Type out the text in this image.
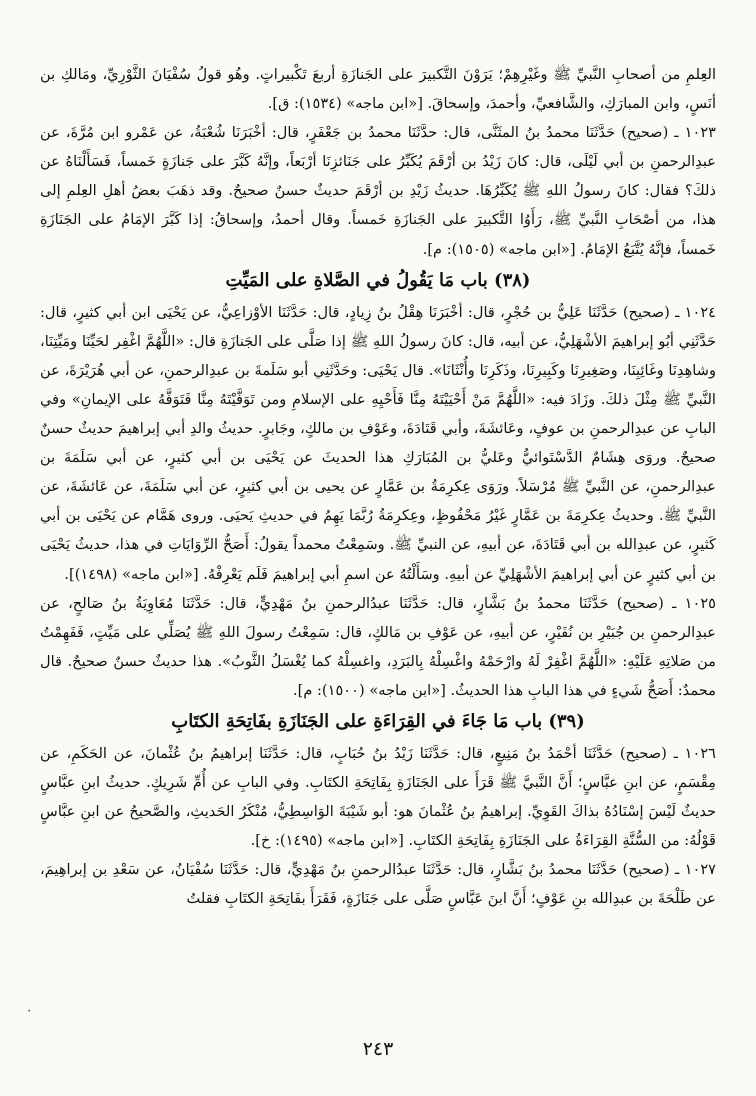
العِلمِ من أصحابِ النَّبيِّ ﷺ وغَيْرِهِمْ؛ يَرَوْنَ التَّكبيرَ على الجَنازَةِ أربعَ تَكْبيراتٍ. وهُو قولُ سُفْيَانَ الثَّوْرِيِّ، ومَالكِ بن أنَسٍ، وابن المبارَكِ، والشَّافعيِّ، وأحمدَ، وإسحاقَ. [«ابن ماجه» (١٥٣٤): ق].

١٠٢٣ ـ (صحيح) حَدَّثَنَا محمدُ بنُ المثَنَّى، قال: حدَّثَنَا محمدُ بن جَعْفَرٍ، قال: أخْبَرَنَا شُعْبَةُ، عن عَمْرو ابن مُرَّةَ، عن عبدِالرحمنِ بن أبي لَيْلَى، قال: كانَ زَيْدُ بن أرْقَمَ يُكَبِّرُ على جَنَائزِنَا أرْبَعاً، وإنَّهُ كَبَّرَ على جَنازَةٍ خَمساً، فَسَأَلْنَاهُ عن ذلكَ؟ فقال: كانَ رسولُ اللهِ ﷺ يُكَبِّرُهَا. حديثُ زَيْدِ بن أرْقَمَ حديثٌ حسنٌ صحيحٌ. وقد ذهَبَ بعضُ أهلِ العِلمِ إلى هذا، من أصْحَابِ النَّبيِّ ﷺ، رَأَوُا التَّكبيرَ على الجَنازَةِ خَمساً. وقال أحمدُ، وإسحاقُ: إذا كَبَّرَ الإمَامُ على الجَنَازَةِ خَمساً، فإنَّهُ يُتَّبَعُ الإمَامُ. [«ابن ماجه» (١٥٠٥): م].

(٣٨) باب مَا يَقُولُ في الصَّلاةِ على المَيِّتِ

١٠٢٤ ـ (صحيح) حَدَّثَنَا عَلِيُّ بن حُجْرٍ، قال: أخْبَرَنَا هِقْلُ بنُ زِيادٍ، قال: حَدَّثَنَا الأوْزاعِيُّ، عن يَحْيَى ابن أبي كثيرٍ، قال: حَدَّثَنِي أبُو إبراهيمَ الأشْهَلِيُّ، عن أبيه، قال: كانَ رسولُ اللهِ ﷺ إذا صَلَّى على الجَنازَةِ قال: «اللَّهُمَّ اغْفِر لحَيِّنَا ومَيِّتِنَا، وشاهِدِنَا وغَائِبِنَا، وصَغِيرِنَا وكَبِيرِنَا، وذَكَرِنَا وأُنْثَانَا». قال يَحْيَى: وحَدَّثَنِي أبو سَلَمةَ بن عبدِالرحمنِ، عن أبي هُرَيْرَةَ، عن النَّبيِّ ﷺ مِثْلَ ذلكَ. وزَادَ فيه: «اللَّهُمَّ مَنْ أَحْيَيْتَهُ مِنَّا فَأَحْيِهِ على الإسلامِ ومن تَوَفَّيْتَهُ مِنَّا فَتَوَفَّهُ على الإيمانِ» وفي البابِ عن عبدِالرحمنِ بن عوفٍ، وعَائشَةَ، وأبي قَتَادَةَ، وعَوْفِ بن مالكٍ، وجَابرٍ. حديثُ والدِ أبي إبراهيمَ حديثٌ حسنٌ صحيحٌ. وروَى هِشَامٌ الدَّسْتَوائيُّ وعَليُّ بن المُبَارَكِ هذا الحديثَ عن يَحْيَى بن أبي كثيرٍ، عن أبي سَلَمَةَ بن عبدِالرحمنِ، عن النَّبيِّ ﷺ مُرْسَلاً. ورَوَى عِكرِمَةُ بن عَمَّارٍ عن يحيى بن أبي كثيرٍ، عن أبي سَلَمَةَ، عن عَائشَةَ، عن النَّبيِّ ﷺ. وحديثُ عِكرِمَةَ بن عَمَّارٍ غَيْرُ مَحْفُوظٍ، وعِكرِمَةُ رُبَّمَا يَهِمُ في حديثِ يَحيَى. وروى هَمَّام عن يَحْيَى بن أبي كَثيرٍ، عن عبدِالله بن أبي قَتَادَةَ، عن أبيهِ، عن النبيِّ ﷺ. وسَمِعْتُ محمداً يقولُ: أَصَحُّ الرِّوَايَاتِ في هذا، حديثُ يَحْيَى بن أبي كثيرٍ عن أبي إبراهيمَ الأشْهَلِيِّ عن أبيهِ. وسَأَلْتُهُ عن اسمِ أبي إبراهيمَ فَلَم يَعْرِفْهُ. [«ابن ماجه» (١٤٩٨)].

١٠٢٥ ـ (صحيح) حَدَّثَنَا محمدُ بنُ بَشَّارٍ، قال: حَدَّثَنَا عبدُالرحمنِ بنُ مَهْدِيٍّ، قال: حَدَّثَنَا مُعَاوِيَةُ بنُ صَالحٍ، عن عبدِالرحمنِ بن جُبَيْرِ بن نُفَيْرٍ، عن أبيهِ، عن عَوْفِ بن مَالكٍ، قال: سَمِعْتُ رسولَ اللهِ ﷺ يُصَلِّي على مَيِّتٍ، فَفَهِمْتُ من صَلاتِهِ عَلَيْهِ: «اللَّهُمَّ اغْفِرْ لَهُ وارْحَمْهُ واغْسِلْهُ بِالبَرَدِ، واغسِلْهُ كما يُغْسَلُ الثَّوبُ». هذا حديثٌ حسنٌ صحيحٌ. قال محمدٌ: أَصَحُّ شَيءٍ في هذا البابِ هذا الحديثُ. [«ابن ماجه» (١٥٠٠): م].

(٣٩) باب مَا جَاءَ في القِرَاءَةِ على الجَنَازَةِ بفَاتِحَةِ الكتَابِ

١٠٢٦ ـ (صحيح) حَدَّثَنَا أحْمَدُ بنُ مَنِيعٍ، قال: حَدَّثَنَا زَيْدُ بنُ حُبَابٍ، قال: حَدَّثَنَا إبراهيمُ بنُ عُثْمانَ، عن الحَكَمِ، عن مِقْسَمٍ، عن ابنِ عبَّاسٍ؛ أَنَّ النَّبيَّ ﷺ قَرَأَ على الجَنَازَةِ بِفَاتِحَةِ الكتَابِ. وفي البابِ عن أُمِّ شَرِيكٍ. حديثُ ابنِ عبَّاسٍ حديثٌ لَيْسَ إسْنَادُهُ بذاكَ القَوِيِّ. إبراهيمُ بنُ عُثْمانَ هو: أبو شَيْبَةَ الوَاسِطِيُّ، مُنْكَرُ الحَديثِ، والصَّحيحُ عن ابنِ عبَّاسٍ قَوْلُهُ: من السُّنَّةِ القِرَاءَةُ على الجَنَازَةِ بِفَاتِحَةِ الكتَابِ. [«ابن ماجه» (١٤٩٥): خ].

١٠٢٧ ـ (صحيح) حَدَّثَنَا محمدُ بنُ بَشَّارٍ، قال: حَدَّثَنَا عبدُالرحمنِ بنُ مَهْدِيٍّ، قال: حَدَّثَنَا سُفْيَانُ، عن سَعْدِ بن إبراهِيمَ، عن طَلْحَةَ بن عبدِالله بنِ عَوْفٍ؛ أَنَّ ابنَ عَبَّاسٍ صَلَّى على جَنَازَةٍ، فَقَرَأَ بفَاتِحَةِ الكتَابِ فقلتُ

٠
٢٤٣
